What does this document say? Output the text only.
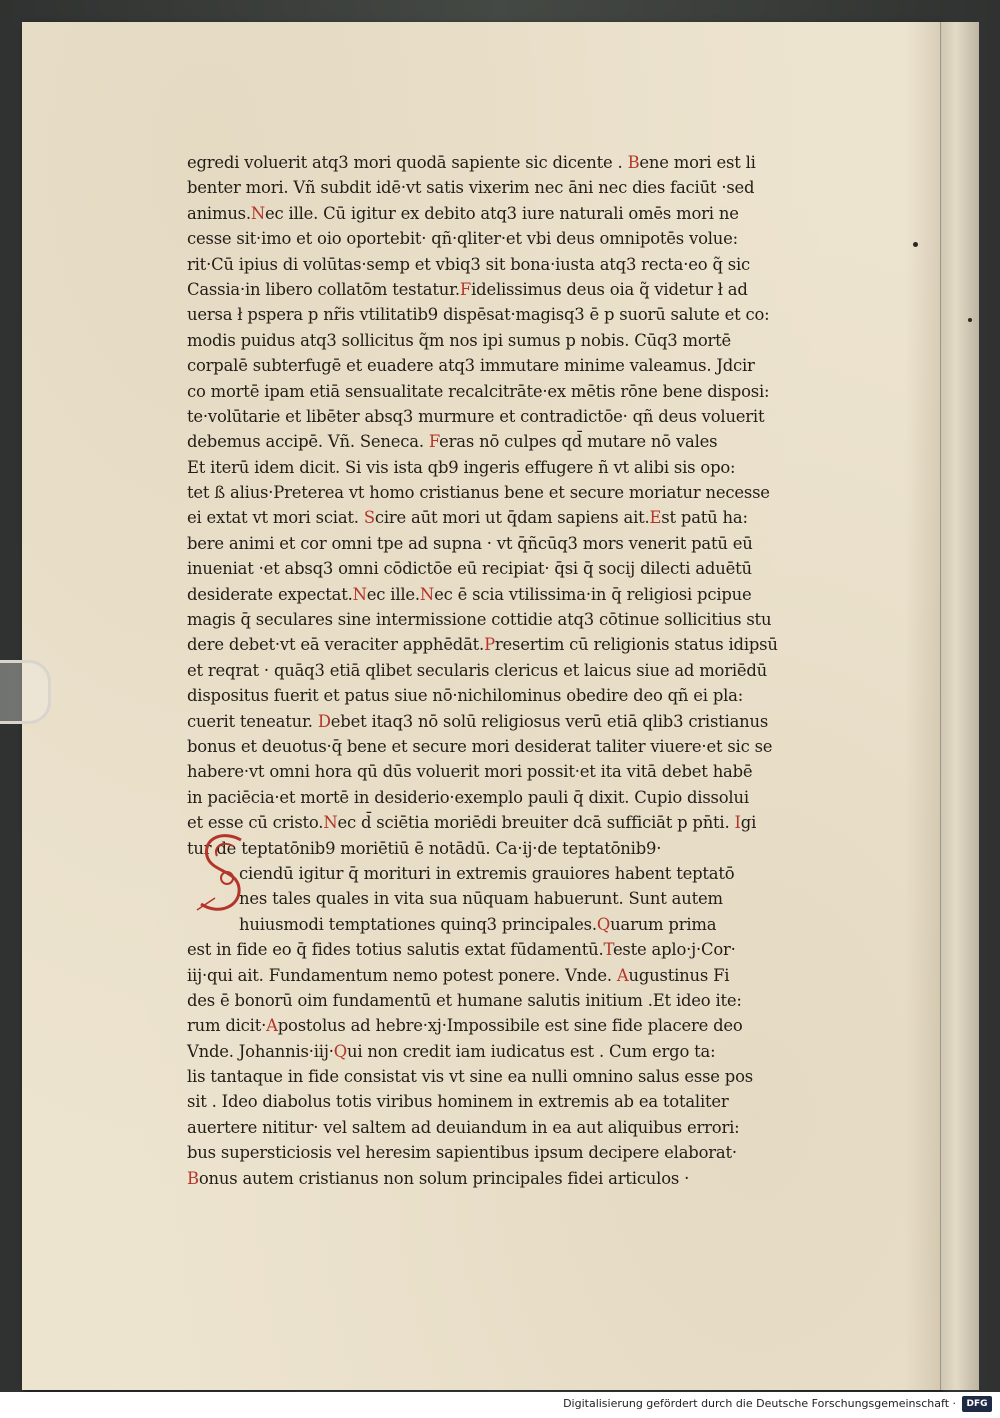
egredi voluerit atq3 mori quodā sapiente sic dicente . Bene mori est li
benter mori. Vñ subdit idē·vt satis vixerim nec āni nec dies faciūt ·sed
animus.Nec ille. Cū igitur ex debito atq3 iure naturali omēs mori ne
cesse sit·imo et oio oportebit· qñ·qliter·et vbi deus omnipotēs volue:
rit·Cū ipius di volūtas·semp et vbiq3 sit bona·iusta atq3 recta·eo q̃ sic
Cassia·in libero collatōm testatur.Fidelissimus deus oia q̃ videtur ł ad
uersa ł pspera p nr̃is vtilitatib9 dispēsat·magisq3 ē p suorū salute et co:
modis puidus atq3 sollicitus q̃m nos ipi sumus p nobis. Cūq3 mortē
corpalē subterfugē et euadere atq3 immutare minime valeamus. Jdcir
co mortē ipam etiā sensualitate recalcitrāte·ex mētis rōne bene disposi:
te·volūtarie et libēter absq3 murmure et contradictōe· qñ deus voluerit
debemus accipē. Vñ. Seneca. Feras nō culpes qd̄ mutare nō vales
Et iterū idem dicit. Si vis ista qb9 ingeris effugere ñ vt alibi sis opo:
tet ß alius·Preterea vt homo cristianus bene et secure moriatur necesse
ei extat vt mori sciat. Scire aūt mori ut q̄dam sapiens ait.Est patū ha:
bere animi et cor omni tpe ad supna · vt q̄ñcūq3 mors venerit patū eū
inueniat ·et absq3 omni cōdictōe eū recipiat· q̄si q̄ socij dilecti aduētū
desiderate expectat.Nec ille.Nec ē scia vtilissima·in q̄ religiosi pcipue
magis q̄ seculares sine intermissione cottidie atq3 cōtinue sollicitius stu
dere debet·vt eā veraciter apphēdāt.Presertim cū religionis status idipsū
et reqrat · quāq3 etiā qlibet secularis clericus et laicus siue ad moriēdū
dispositus fuerit et patus siue nō·nichilominus obedire deo qñ ei pla:
cuerit teneatur. Debet itaq3 nō solū religiosus verū etiā qlib3 cristianus
bonus et deuotus·q̄ bene et secure mori desiderat taliter viuere·et sic se
habere·vt omni hora qū dūs voluerit mori possit·et ita vitā debet habē
in paciēcia·et mortē in desiderio·exemplo pauli q̄ dixit. Cupio dissolui
et esse cū cristo.Nec d̄ sciētia moriēdi breuiter dcā sufficiāt p pn̄ti. Igi
tur de teptatōnib9 moriētiū ē notādū. Ca·ij·de teptatōnib9·
ciendū igitur q̄ morituri in extremis grauiores habent teptatō
nes tales quales in vita sua nūquam habuerunt. Sunt autem
huiusmodi temptationes quinq3 principales.Quarum prima
est in fide eo q̄ fides totius salutis extat fūdamentū.Teste aplo·j·Cor·
iij·qui ait. Fundamentum nemo potest ponere. Vnde. Augustinus Fi
des ē bonorū oim fundamentū et humane salutis initium .Et ideo ite:
rum dicit·Apostolus ad hebre·xj·Impossibile est sine fide placere deo
Vnde. Johannis·iij·Qui non credit iam iudicatus est . Cum ergo ta:
lis tantaque in fide consistat vis vt sine ea nulli omnino salus esse pos
sit . Ideo diabolus totis viribus hominem in extremis ab ea totaliter
auertere nititur· vel saltem ad deuiandum in ea aut aliquibus errori:
bus supersticiosis vel heresim sapientibus ipsum decipere elaborat·
Bonus autem cristianus non solum principales fidei articulos ·
Digitalisierung gefördert durch die Deutsche Forschungsgemeinschaft ·	DFG
